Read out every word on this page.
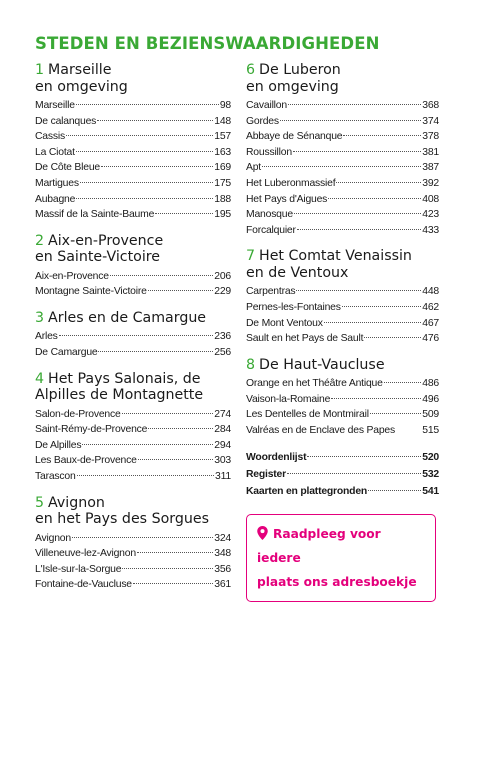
STEDEN EN BEZIENSWAARDIGHEDEN
1 Marseille
en omgeving
Marseille	98
De calanques	148
Cassis	157
La Ciotat	163
De Côte Bleue	169
Martigues	175
Aubagne	188
Massif de la Sainte-Baume	195
2 Aix-en-Provence
en Sainte-Victoire
Aix-en-Provence	206
Montagne Sainte-Victoire	229
3 Arles en de Camargue
Arles	236
De Camargue	256
4 Het Pays Salonais, de
Alpilles de Montagnette
Salon-de-Provence	274
Saint-Rémy-de-Provence	284
De Alpilles	294
Les Baux-de-Provence	303
Tarascon	311
5 Avignon
en het Pays des Sorgues
Avignon	324
Villeneuve-lez-Avignon	348
L'Isle-sur-la-Sorgue	356
Fontaine-de-Vaucluse	361
6 De Luberon
en omgeving
Cavaillon	368
Gordes	374
Abbaye de Sénanque	378
Roussillon	381
Apt	387
Het Luberonmassief	392
Het Pays d'Aigues	408
Manosque	423
Forcalquier	433
7 Het Comtat Venaissin
en de Ventoux
Carpentras	448
Pernes-les-Fontaines	462
De Mont Ventoux	467
Sault en het Pays de Sault	476
8 De Haut-Vaucluse
Orange en het Théâtre Antique	486
Vaison-la-Romaine	496
Les Dentelles de Montmirail	509
Valréas en de Enclave des Papes	515
Woordenlijst	520
Register	532
Kaarten en plattegronden	541
Raadpleeg voor iedere
plaats ons adresboekje
